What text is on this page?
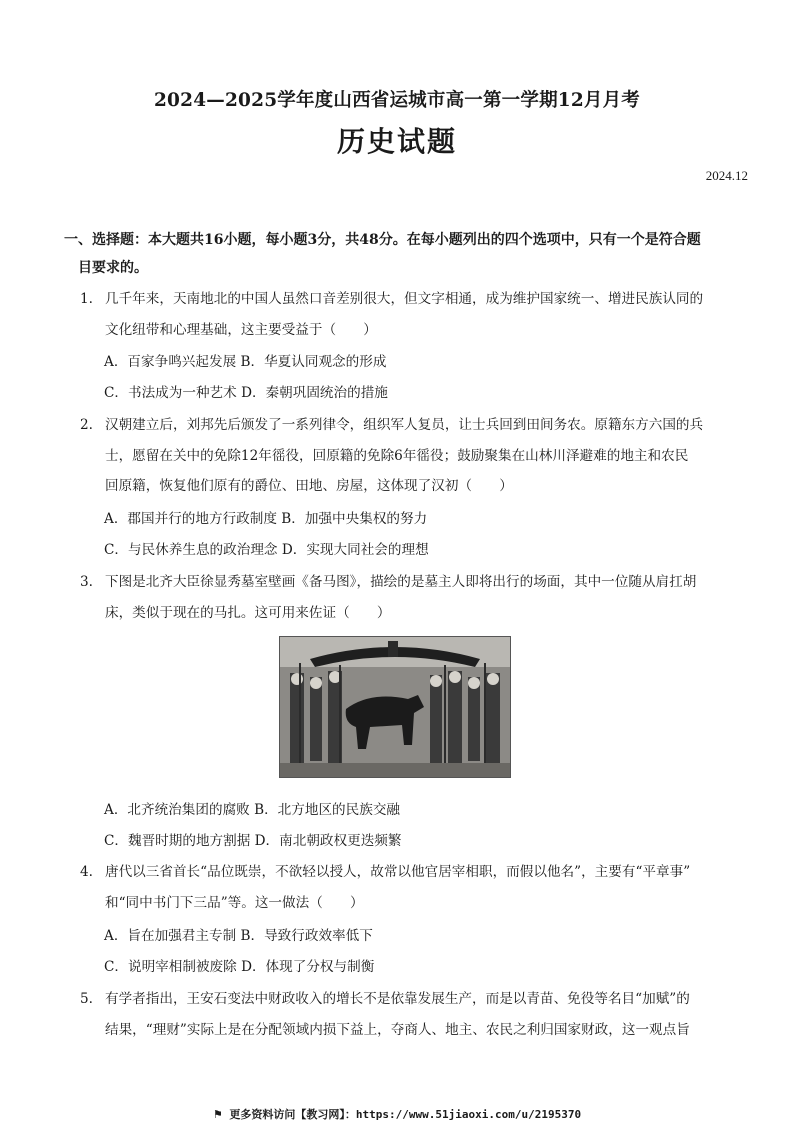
2024—2025学年度山西省运城市高一第一学期12月月考
历史试题
2024.12
一、选择题：本大题共16小题，每小题3分，共48分。在每小题列出的四个选项中，只有一个是符合题
目要求的。
1. 几千年来，天南地北的中国人虽然口音差别很大，但文字相通，成为维护国家统一、增进民族认同的
文化纽带和心理基础，这主要受益于（　　）
A．百家争鸣兴起发展 B．华夏认同观念的形成
C．书法成为一种艺术 D．秦朝巩固统治的措施
2. 汉朝建立后，刘邦先后颁发了一系列律令，组织军人复员，让士兵回到田间务农。原籍东方六国的兵
士，愿留在关中的免除12年徭役，回原籍的免除6年徭役；鼓励聚集在山林川泽避难的地主和农民
回原籍，恢复他们原有的爵位、田地、房屋，这体现了汉初（　　）
A．郡国并行的地方行政制度 B．加强中央集权的努力
C．与民休养生息的政治理念 D．实现大同社会的理想
3. 下图是北齐大臣徐显秀墓室壁画《备马图》，描绘的是墓主人即将出行的场面，其中一位随从肩扛胡
床，类似于现在的马扎。这可用来佐证（　　）
A．北齐统治集团的腐败 B．北方地区的民族交融
C．魏晋时期的地方割据 D．南北朝政权更迭频繁
4. 唐代以三省首长“品位既崇，不欲轻以授人，故常以他官居宰相职，而假以他名”，主要有“平章事”
和“同中书门下三品”等。这一做法（　　）
A．旨在加强君主专制 B．导致行政效率低下
C．说明宰相制被废除 D．体现了分权与制衡
5. 有学者指出，王安石变法中财政收入的增长不是依靠发展生产，而是以青苗、免役等名目“加赋”的
结果，“理财”实际上是在分配领域内损下益上，夺商人、地主、农民之利归国家财政，这一观点旨
⚑ 更多资料访问【教习网】：https://www.51jiaoxi.com/u/2195370
